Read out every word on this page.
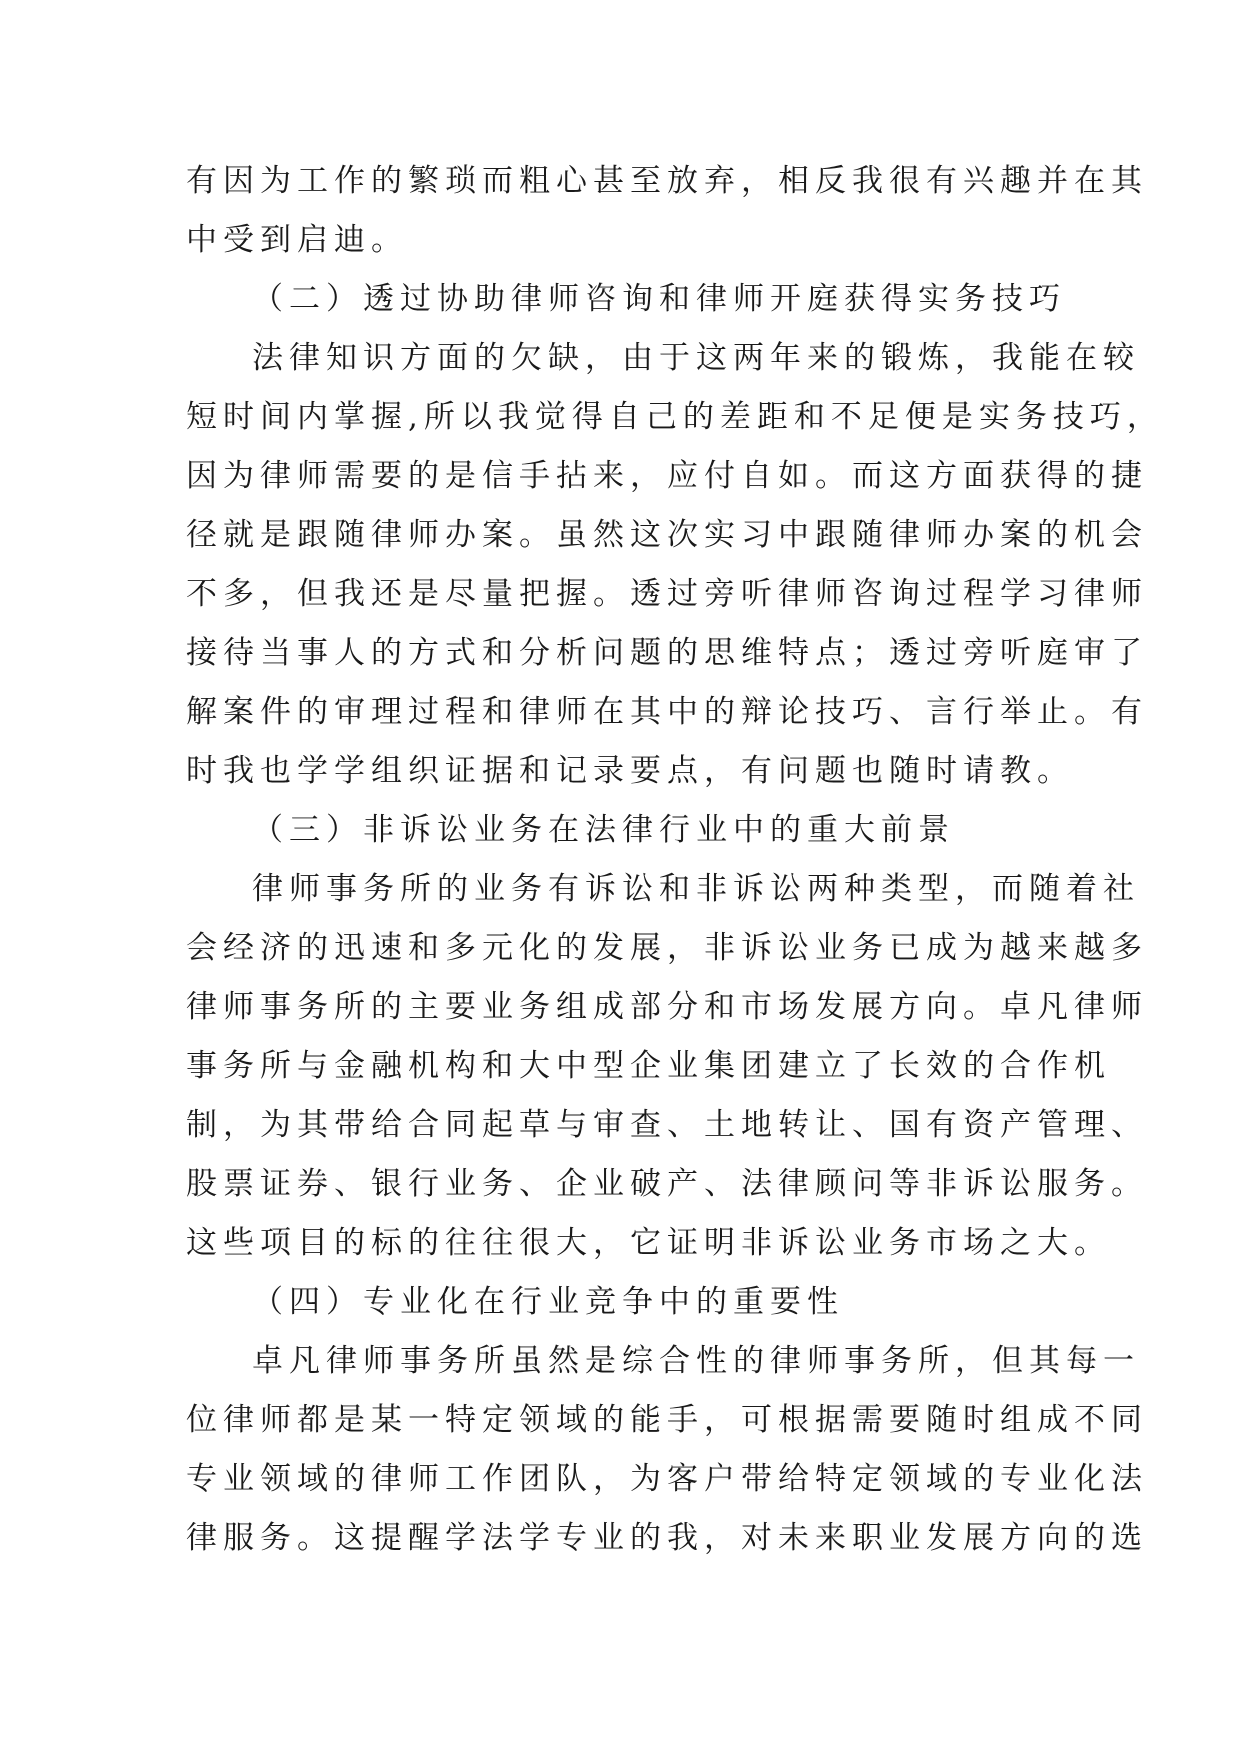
有因为工作的繁琐而粗心甚至放弃，相反我很有兴趣并在其
中受到启迪。
（二）透过协助律师咨询和律师开庭获得实务技巧
法律知识方面的欠缺，由于这两年来的锻炼，我能在较
短时间内掌握,所以我觉得自己的差距和不足便是实务技巧，
因为律师需要的是信手拈来，应付自如。而这方面获得的捷
径就是跟随律师办案。虽然这次实习中跟随律师办案的机会
不多，但我还是尽量把握。透过旁听律师咨询过程学习律师
接待当事人的方式和分析问题的思维特点；透过旁听庭审了
解案件的审理过程和律师在其中的辩论技巧、言行举止。有
时我也学学组织证据和记录要点，有问题也随时请教。
（三）非诉讼业务在法律行业中的重大前景
律师事务所的业务有诉讼和非诉讼两种类型，而随着社
会经济的迅速和多元化的发展，非诉讼业务已成为越来越多
律师事务所的主要业务组成部分和市场发展方向。卓凡律师
事务所与金融机构和大中型企业集团建立了长效的合作机
制，为其带给合同起草与审查、土地转让、国有资产管理、
股票证券、银行业务、企业破产、法律顾问等非诉讼服务。
这些项目的标的往往很大，它证明非诉讼业务市场之大。
（四）专业化在行业竞争中的重要性
卓凡律师事务所虽然是综合性的律师事务所，但其每一
位律师都是某一特定领域的能手，可根据需要随时组成不同
专业领域的律师工作团队，为客户带给特定领域的专业化法
律服务。这提醒学法学专业的我，对未来职业发展方向的选
